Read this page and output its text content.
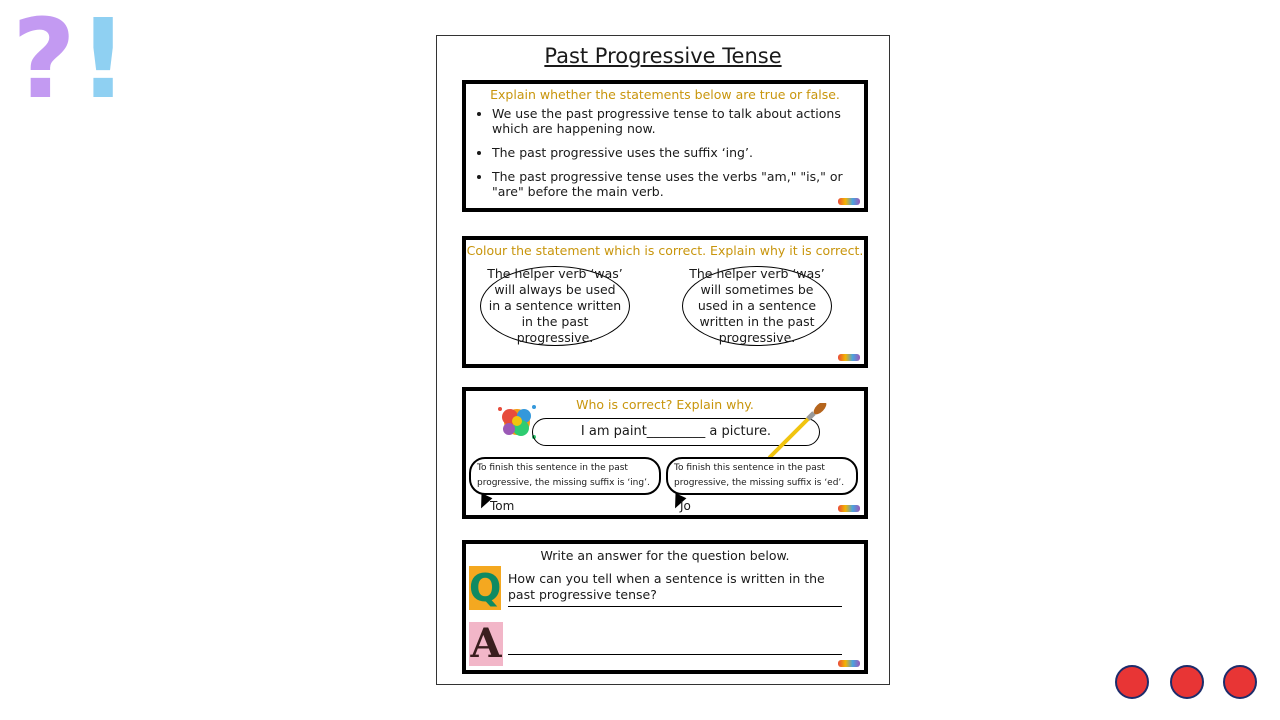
? !	Past Progressive Tense
Explain whether the statements below are true or false.
• We use the past progressive tense to talk about actions which are happening now.
• The past progressive uses the suffix ‘ing’.
• The past progressive tense uses the verbs "am," "is," or "are" before the main verb.
Colour the statement which is correct. Explain why it is correct.
The helper verb ‘was’ will always be used in a sentence written in the past progressive.
The helper verb ‘was’ will sometimes be used in a sentence written in the past progressive.
Who is correct? Explain why.
I am paint_________ a picture.
To finish this sentence in the past progressive, the missing suffix is ‘ing’.
Tom
To finish this sentence in the past progressive, the missing suffix is ‘ed’.
Jo
Write an answer for the question below.
Q How can you tell when a sentence is written in the past progressive tense?
A
